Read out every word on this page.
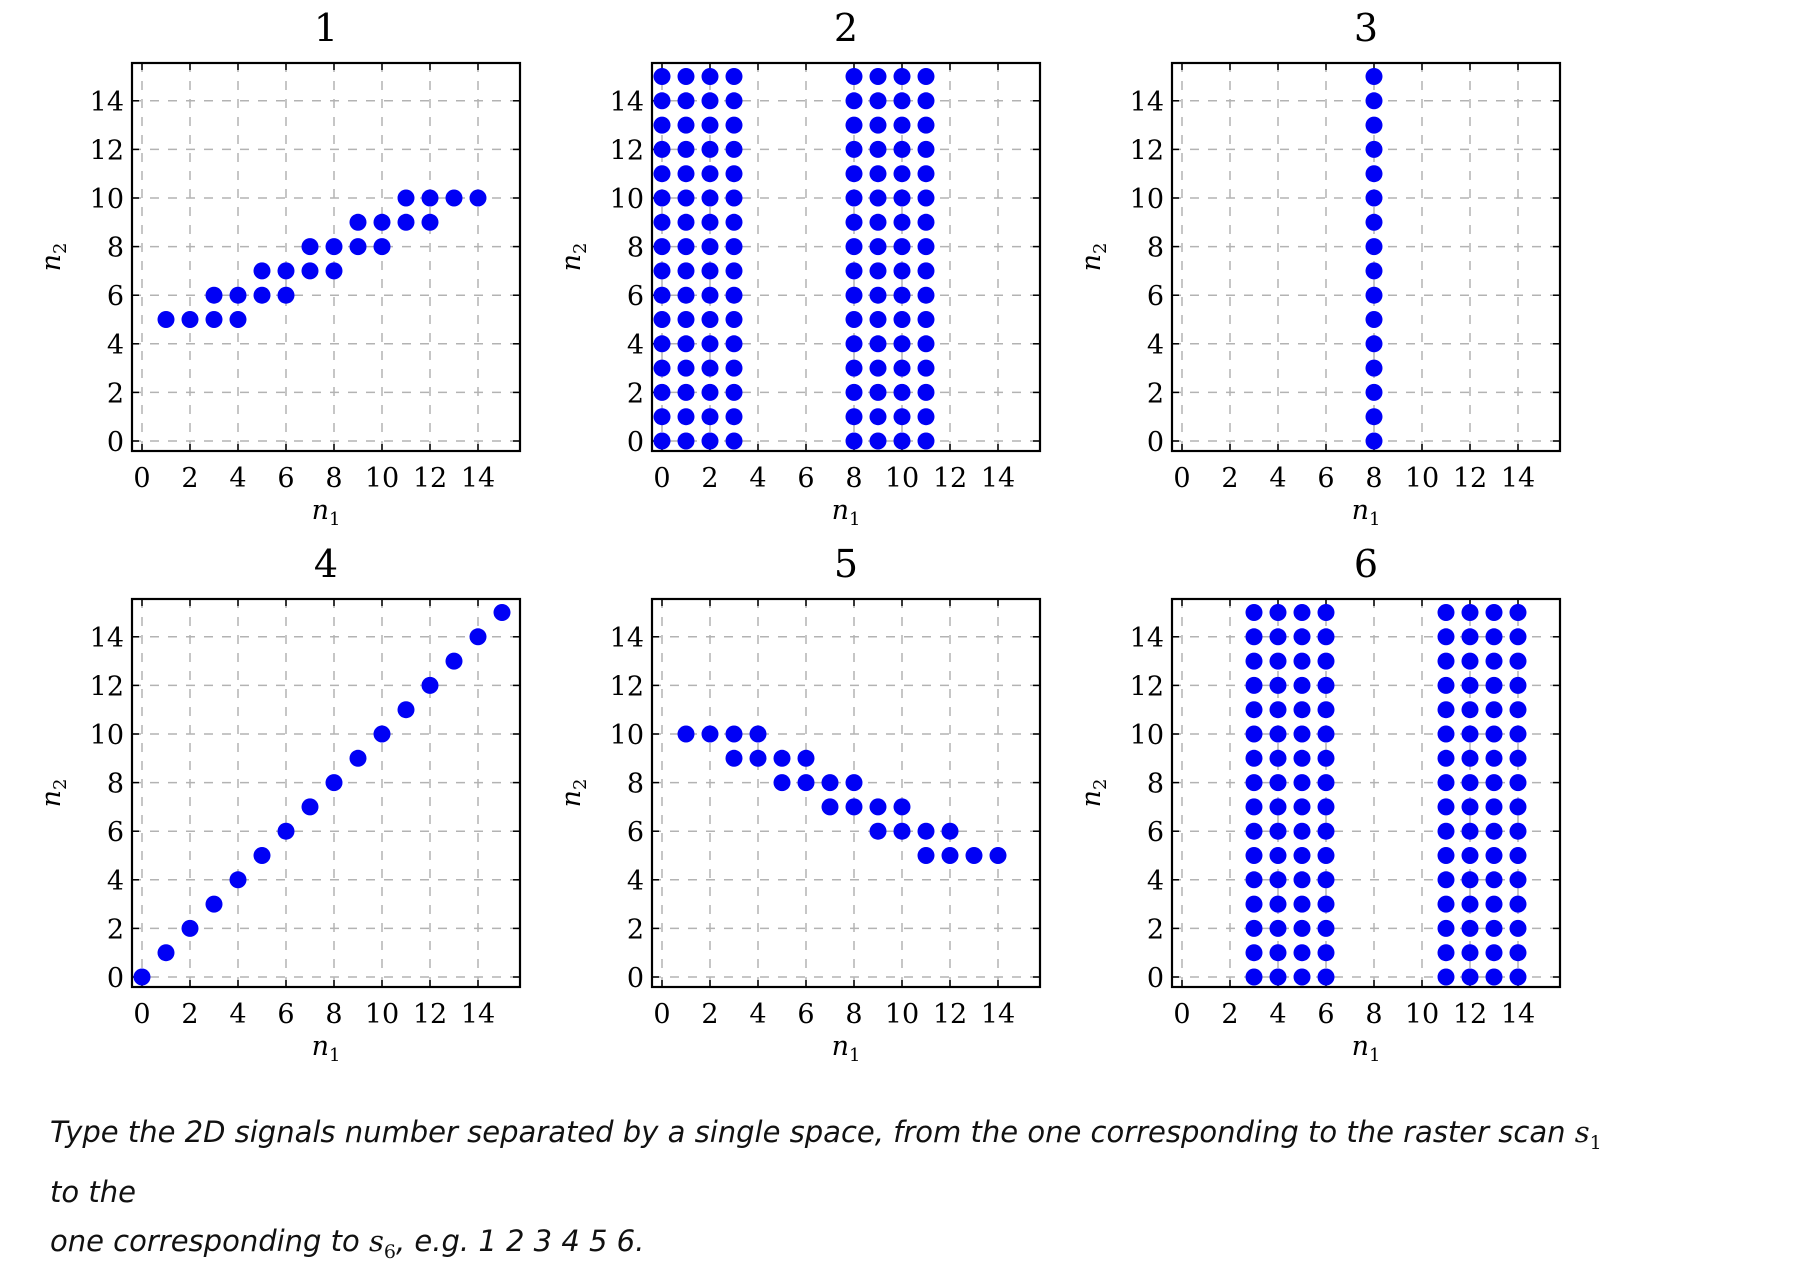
1
0 2 4 6 8 10 12 14
0
2
4
6
8
10
12
14
$n_1$
$n_2$
2
0 2 4 6 8 10 12 14
0
2
4
6
8
10
12
14
$n_1$
$n_2$
3
0 2 4 6 8 10 12 14
0
2
4
6
8
10
12
14
$n_1$
$n_2$
4
0 2 4 6 8 10 12 14
0
2
4
6
8
10
12
14
$n_1$
$n_2$
5
0 2 4 6 8 10 12 14
0
2
4
6
8
10
12
14
$n_1$
$n_2$
6
0 2 4 6 8 10 12 14
0
2
4
6
8
10
12
14
$n_1$
$n_2$
Type the 2D signals number separated by a single space, from the one corresponding to the raster scan $s_1$ to the
one corresponding to $s_6$, e.g. 1 2 3 4 5 6.
